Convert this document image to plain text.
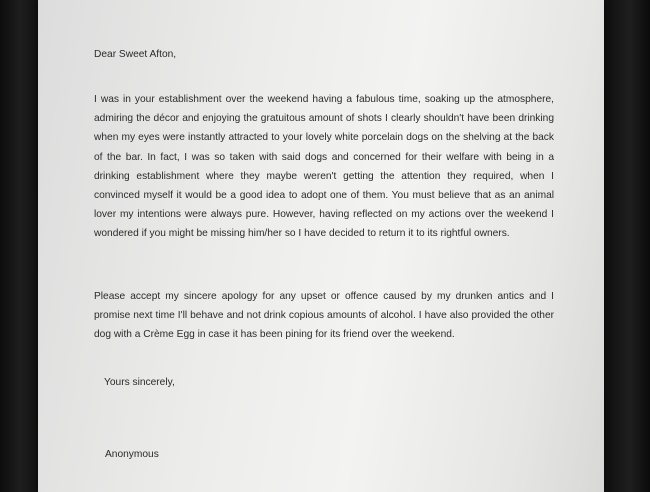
Dear Sweet Afton,
I was in your establishment over the weekend having a fabulous time, soaking up the atmosphere, admiring the décor and enjoying the gratuitous amount of shots I clearly shouldn't have been drinking when my eyes were instantly attracted to your lovely white porcelain dogs on the shelving at the back of the bar. In fact, I was so taken with said dogs and concerned for their welfare with being in a drinking establishment where they maybe weren't getting the attention they required, when I convinced myself it would be a good idea to adopt one of them. You must believe that as an animal lover my intentions were always pure. However, having reflected on my actions over the weekend I wondered if you might be missing him/her so I have decided to return it to its rightful owners.
Please accept my sincere apology for any upset or offence caused by my drunken antics and I promise next time I'll behave and not drink copious amounts of alcohol. I have also provided the other dog with a Crème Egg in case it has been pining for its friend over the weekend.
Yours sincerely,
Anonymous
